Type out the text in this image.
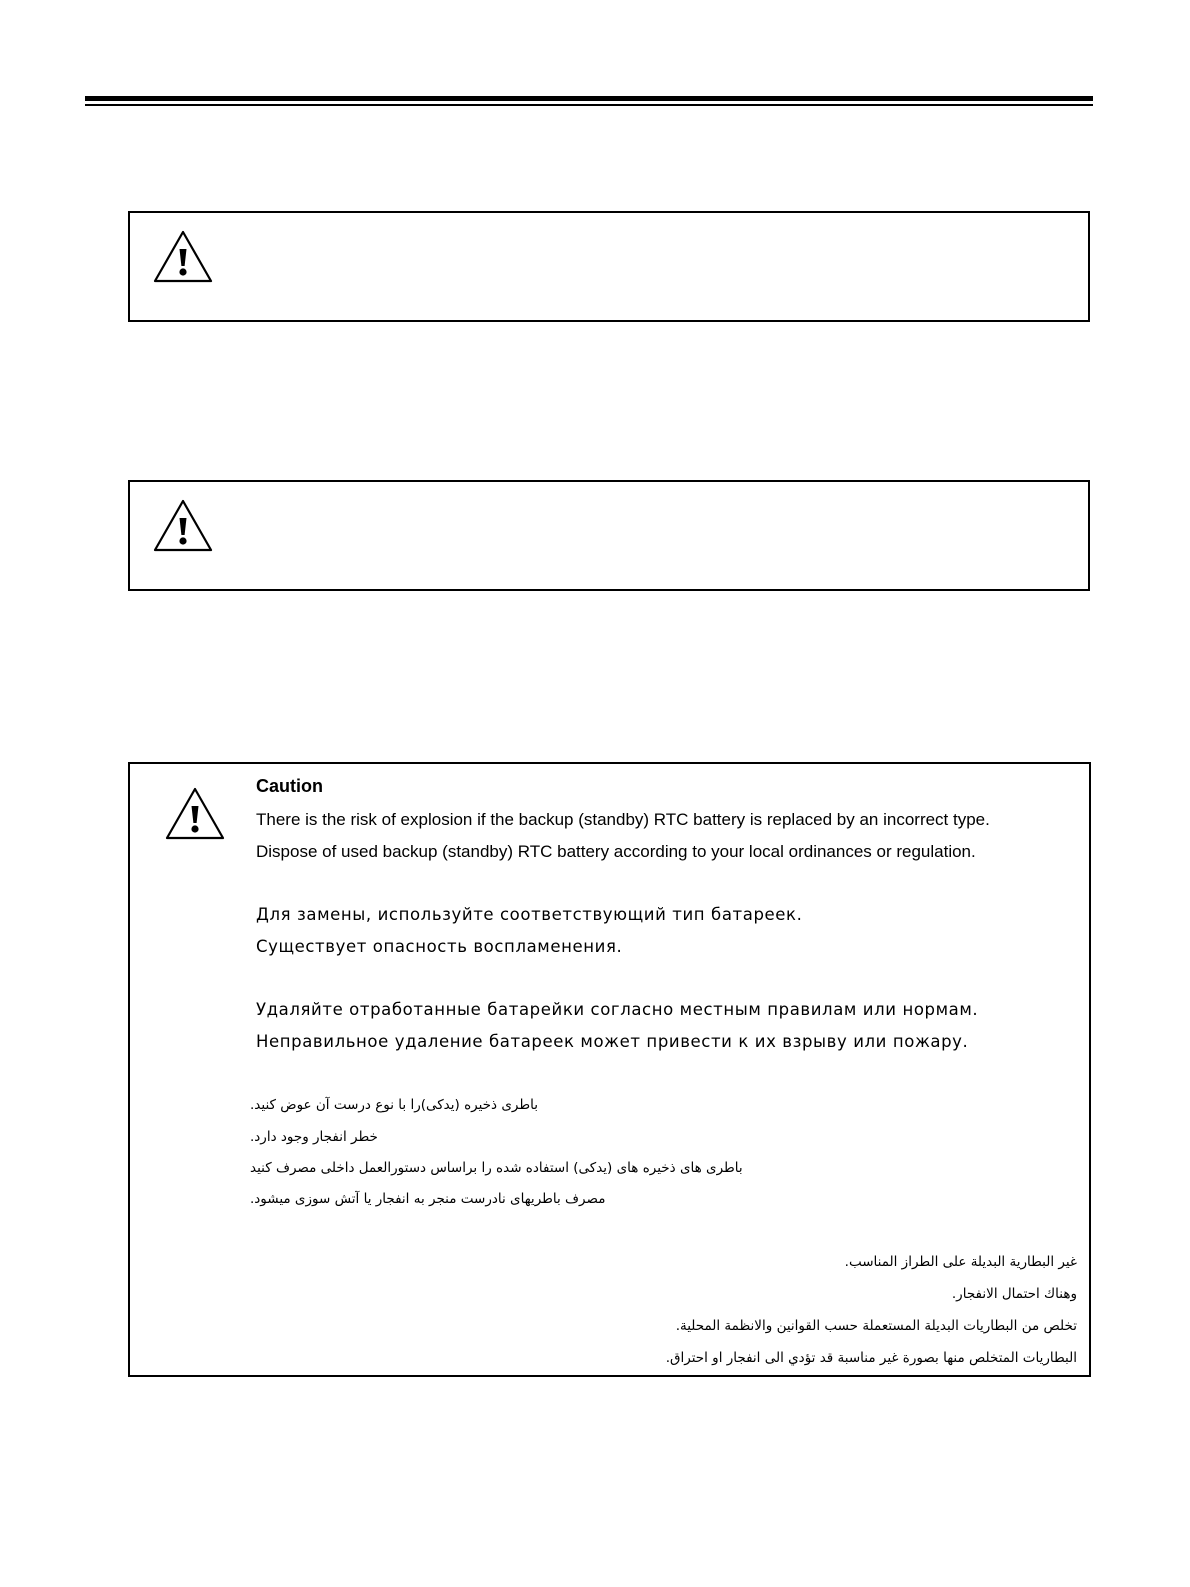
Caution
There is the risk of explosion if the backup (standby) RTC battery is replaced by an incorrect type.
Dispose of used backup (standby) RTC battery according to your local ordinances or regulation.
Для замены, используйте соответствующий тип батареек.
Существует опасность воспламенения.
Удаляйте отработанные батарейки согласно местным правилам или нормам.
Неправильное удаление батареек может привести к их взрыву или пожару.
باطری ذخیره (یدکی)را با نوع درست آن عوض کنید.
خطر انفجار وجود دارد.
باطری های ذخیره های (یدکی) استفاده شده را براساس دستورالعمل داخلی مصرف کنید
مصرف باطریهای نادرست منجر به انفجار یا آتش سوزی میشود.
غير البطارية البديلة على الطراز المناسب.
وهناك احتمال الانفجار.
تخلص من البطاريات البديلة المستعملة حسب القوانين والانظمة المحلية.
البطاريات المتخلص منها بصورة غير مناسبة قد تؤدي الى انفجار او احتراق.
